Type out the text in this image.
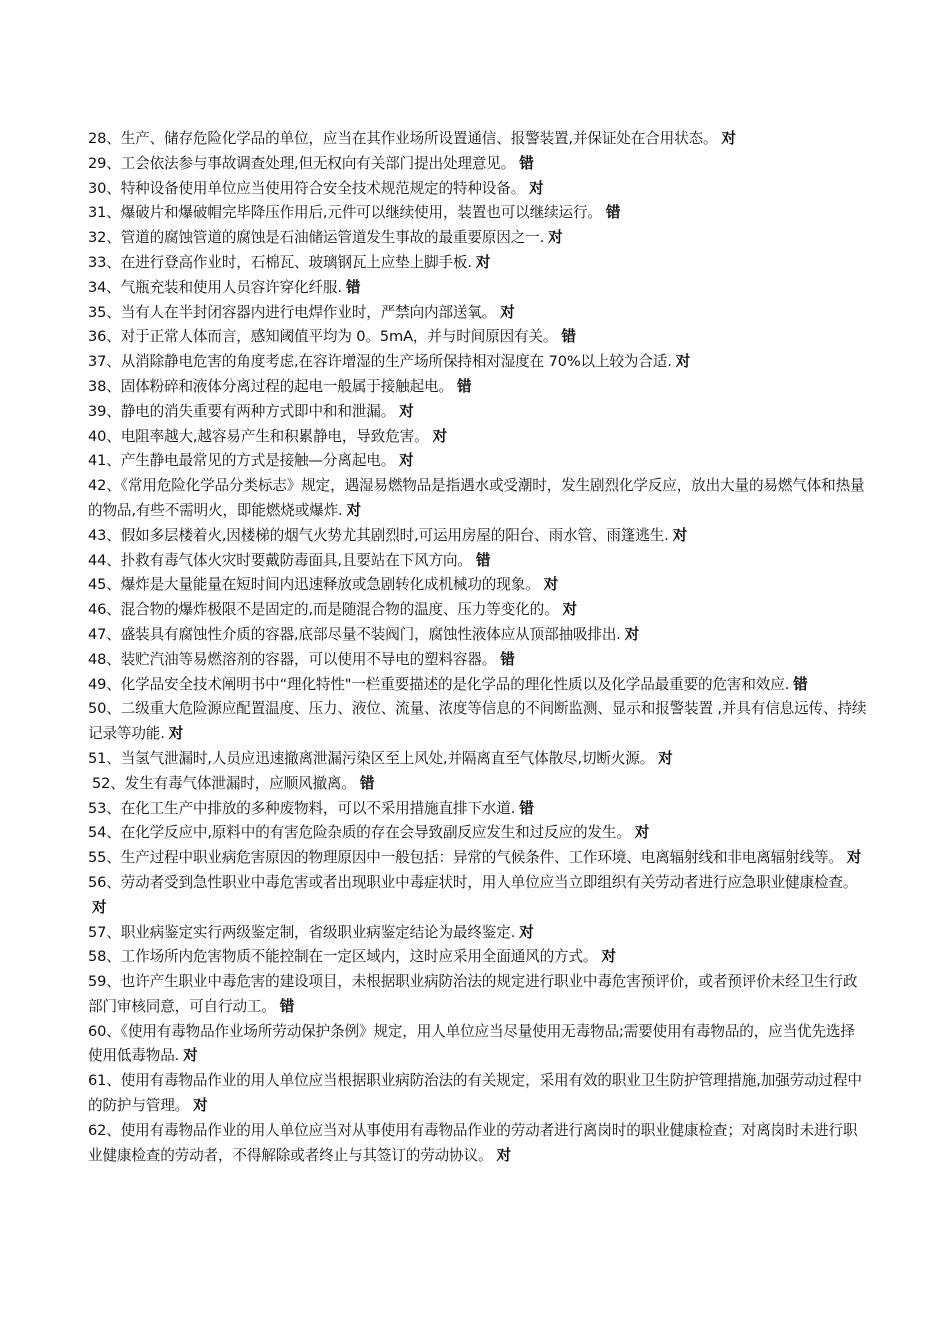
28、生产、储存危险化学品的单位，应当在其作业场所设置通信、报警装置,并保证处在合用状态。 对

29、工会依法参与事故调查处理,但无权向有关部门提出处理意见。 错

30、特种设备使用单位应当使用符合安全技术规范规定的特种设备。 对

31、爆破片和爆破帽完毕降压作用后,元件可以继续使用，装置也可以继续运行。 错

32、管道的腐蚀管道的腐蚀是石油储运管道发生事故的最重要原因之一. 对

33、在进行登高作业时，石棉瓦、玻璃钢瓦上应垫上脚手板. 对

34、气瓶充装和使用人员容许穿化纤服. 错

35、当有人在半封闭容器内进行电焊作业时，严禁向内部送氧。 对

36、对于正常人体而言，感知阈值平均为 0。5mA，并与时间原因有关。 错

37、从消除静电危害的角度考虑,在容许增湿的生产场所保持相对湿度在 70%以上较为合适. 对

38、固体粉碎和液体分离过程的起电一般属于接触起电。 错

39、静电的消失重要有两种方式即中和和泄漏。 对

40、电阻率越大,越容易产生和积累静电，导致危害。 对

41、产生静电最常见的方式是接触—分离起电。 对

42、《常用危险化学品分类标志》规定，遇湿易燃物品是指遇水或受潮时，发生剧烈化学反应，放出大量的易燃气体和热量的物品,有些不需明火，即能燃烧或爆炸. 对

43、假如多层楼着火,因楼梯的烟气火势尤其剧烈时,可运用房屋的阳台、雨水管、雨篷逃生. 对

44、扑救有毒气体火灾时要戴防毒面具,且要站在下风方向。 错

45、爆炸是大量能量在短时间内迅速释放或急剧转化成机械功的现象。 对

46、混合物的爆炸极限不是固定的,而是随混合物的温度、压力等变化的。 对

47、盛装具有腐蚀性介质的容器,底部尽量不装阀门，腐蚀性液体应从顶部抽吸排出. 对

48、装贮汽油等易燃溶剂的容器，可以使用不导电的塑料容器。 错

49、化学品安全技术阐明书中“理化特性"一栏重要描述的是化学品的理化性质以及化学品最重要的危害和效应. 错

50、二级重大危险源应配置温度、压力、液位、流量、浓度等信息的不间断监测、显示和报警装置 ,并具有信息远传、持续记录等功能. 对

51、当氢气泄漏时,人员应迅速撤离泄漏污染区至上风处,并隔离直至气体散尽,切断火源。 对

52、发生有毒气体泄漏时，应顺风撤离。 错

53、在化工生产中排放的多种废物料，可以不采用措施直排下水道. 错

54、在化学反应中,原料中的有害危险杂质的存在会导致副反应发生和过反应的发生。 对

55、生产过程中职业病危害原因的物理原因中一般包括：异常的气候条件、工作环境、电离辐射线和非电离辐射线等。 对

56、劳动者受到急性职业中毒危害或者出现职业中毒症状时，用人单位应当立即组织有关劳动者进行应急职业健康检查。对

57、职业病鉴定实行两级鉴定制，省级职业病鉴定结论为最终鉴定. 对

58、工作场所内危害物质不能控制在一定区域内，这时应采用全面通风的方式。 对

59、也许产生职业中毒危害的建设项目，未根据职业病防治法的规定进行职业中毒危害预评价，或者预评价未经卫生行政部门审核同意，可自行动工。 错

60、《使用有毒物品作业场所劳动保护条例》规定，用人单位应当尽量使用无毒物品;需要使用有毒物品的，应当优先选择使用低毒物品. 对

61、使用有毒物品作业的用人单位应当根据职业病防治法的有关规定，采用有效的职业卫生防护管理措施,加强劳动过程中的防护与管理。 对

62、使用有毒物品作业的用人单位应当对从事使用有毒物品作业的劳动者进行离岗时的职业健康检查；对离岗时未进行职业健康检查的劳动者，不得解除或者终止与其签订的劳动协议。 对
